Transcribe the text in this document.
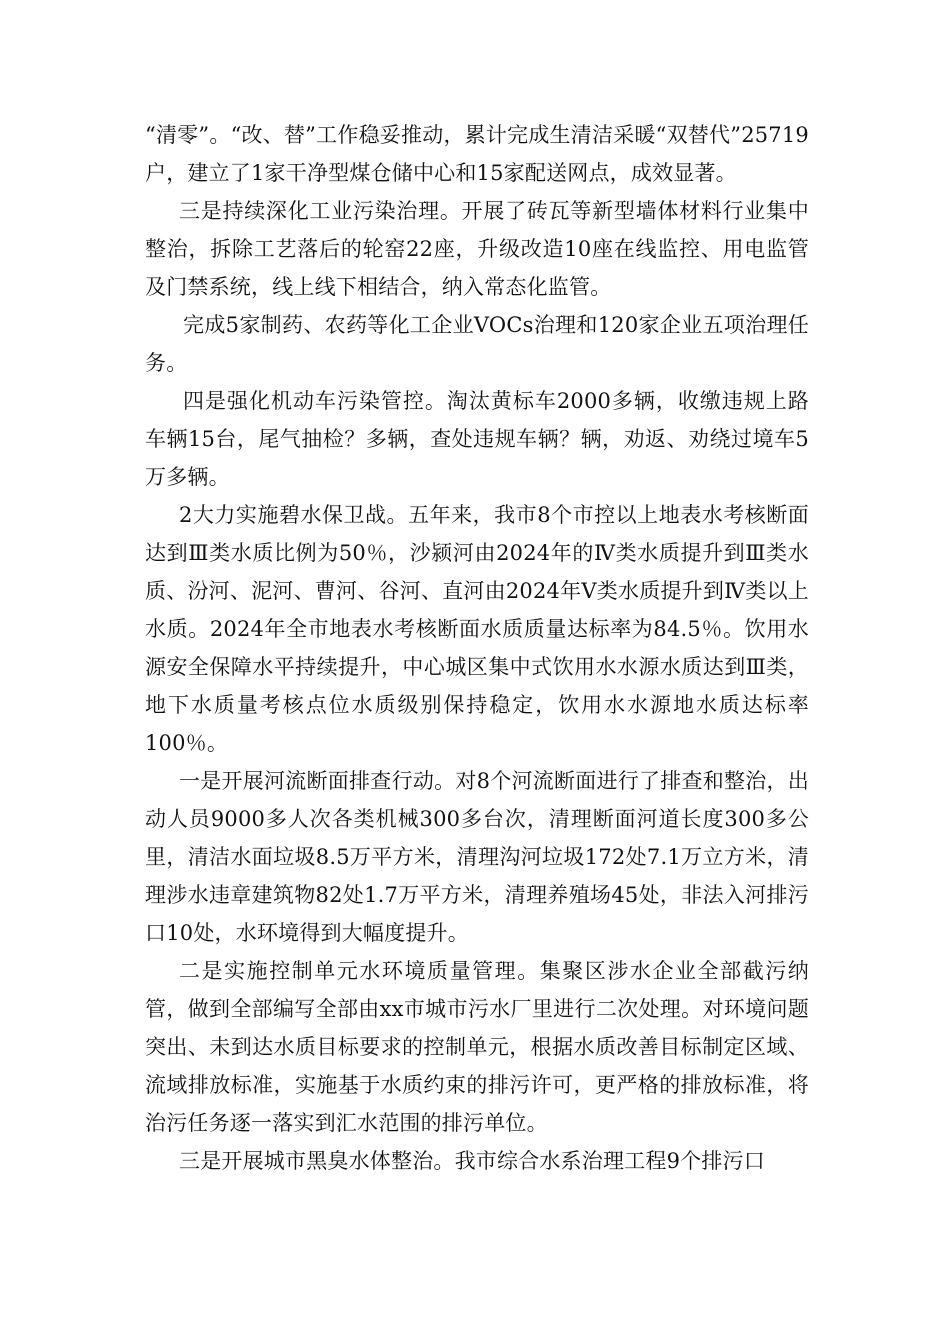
“清零”。“改、替”工作稳妥推动，累计完成生清洁采暖“双替代”25719户，建立了1家干净型煤仓储中心和15家配送网点，成效显著。

三是持续深化工业污染治理。开展了砖瓦等新型墙体材料行业集中整治，拆除工艺落后的轮窑22座，升级改造10座在线监控、用电监管及门禁系统，线上线下相结合，纳入常态化监管。

完成5家制药、农药等化工企业VOCs治理和120家企业五项治理任务。

四是强化机动车污染管控。淘汰黄标车2000多辆，收缴违规上路车辆15台，尾气抽检？多辆，查处违规车辆？辆，劝返、劝绕过境车5万多辆。

2大力实施碧水保卫战。五年来，我市8个市控以上地表水考核断面达到Ⅲ类水质比例为50％，沙颍河由2024年的Ⅳ类水质提升到Ⅲ类水质、汾河、泥河、曹河、谷河、直河由2024年Ⅴ类水质提升到Ⅳ类以上水质。2024年全市地表水考核断面水质质量达标率为84.5％。饮用水源安全保障水平持续提升，中心城区集中式饮用水水源水质达到Ⅲ类，地下水质量考核点位水质级别保持稳定，饮用水水源地水质达标率100％。

一是开展河流断面排查行动。对8个河流断面进行了排查和整治，出动人员9000多人次各类机械300多台次，清理断面河道长度300多公里，清洁水面垃圾8.5万平方米，清理沟河垃圾172处7.1万立方米，清理涉水违章建筑物82处1.7万平方米，清理养殖场45处，非法入河排污口10处，水环境得到大幅度提升。

二是实施控制单元水环境质量管理。集聚区涉水企业全部截污纳管，做到全部编写全部由xx市城市污水厂里进行二次处理。对环境问题突出、未到达水质目标要求的控制单元，根据水质改善目标制定区域、流域排放标准，实施基于水质约束的排污许可，更严格的排放标准，将治污任务逐一落实到汇水范围的排污单位。

三是开展城市黑臭水体整治。我市综合水系治理工程9个排污口
